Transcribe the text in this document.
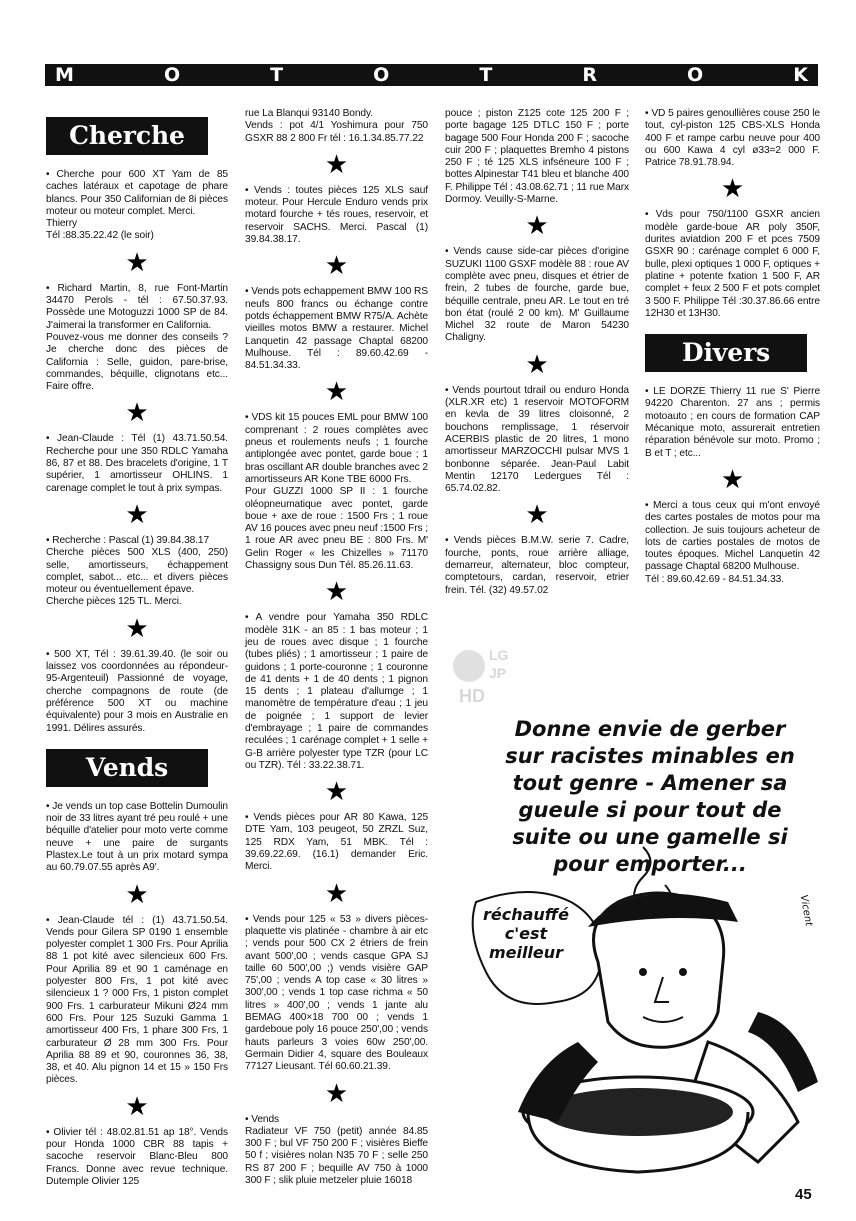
M	O	T	O	T	R	O	K
Cherche

• Cherche pour 600 XT Yam de 85 caches latéraux et capotage de phare blancs. Pour 350 Californian de 8i pièces moteur ou moteur complet. Merci.

Thierry

Tél :88.35.22.42 (le soir)

★

• Richard Martin, 8, rue Font-Martin 34470 Perols - tél : 67.50.37.93. Possède une Motoguzzi 1000 SP de 84. J'aimerai la transformer en California.

Pouvez-vous me donner des conseils ? Je cherche donc des pièces de California : Selle, guidon, pare-brise, commandes, béquille, clignotans etc... Faire offre.

★

• Jean-Claude : Tél (1) 43.71.50.54. Recherche pour une 350 RDLC Yamaha 86, 87 et 88. Des bracelets d'origine, 1 T supérier, 1 amortisseur OHLINS. 1 carenage complet le tout à prix sympas.

★

• Recherche : Pascal (1) 39.84.38.17

Cherche pièces 500 XLS (400, 250) selle, amortisseurs, échappement complet, sabot... etc... et divers pièces moteur ou éventuellement épave.

Cherche pièces 125 TL. Merci.

★

• 500 XT, Tél : 39.61.39.40. (le soir ou laissez vos coordonnées au répondeur-95-Argenteuil) Passionné de voyage, cherche compagnons de route (de préférence 500 XT ou machine équivalente) pour 3 mois en Australie en 1991. Délires assurés.

Vends

• Je vends un top case Bottelin Dumoulin noir de 33 litres ayant tré peu roulé + une béquille d'atelier pour moto verte comme neuve + une paire de surgants Plastex.Le tout à un prix motard sympa au 60.79.07.55 après A9'.

★

• Jean-Claude tél : (1) 43.71.50.54. Vends pour Gilera SP 0190 1 ensemble polyester complet 1 300 Frs. Pour Aprilia 88 1 pot kité avec silencieux 600 Frs. Pour Aprilia 89 et 90 1 caménage en polyester 800 Frs, 1 pot kité avec silencieux 1 ? 000 Frs, 1 piston complet 900 Frs. 1 carburateur Mikuni Ø24 mm 600 Frs. Pour 125 Suzuki Gamma 1 amortisseur 400 Frs, 1 phare 300 Frs, 1 carburateur Ø 28 mm 300 Frs. Pour Aprilia 88 89 et 90, couronnes 36, 38, 38, et 40. Alu pignon 14 et 15 » 150 Frs pièces.

★

• Olivier tél : 48.02.81.51 ap 18°. Vends pour Honda 1000 CBR 88 tapis + sacoche reservoir Blanc-Bleu 800 Francs. Donne avec revue technique. Dutemple Olivier 125

rue La Blanqui 93140 Bondy.

Vends : pot 4/1 Yoshimura pour 750 GSXR 88 2 800 Fr tél : 16.1.34.85.77.22

★

• Vends : toutes pièces 125 XLS sauf moteur. Pour Hercule Enduro vends prix motard fourche + tés roues, reservoir, et reservoir SACHS. Merci. Pascal (1) 39.84.38.17.

★

• Vends pots echappement BMW 100 RS neufs 800 francs ou échange contre potds échappement BMW R75/A. Achète vieilles motos BMW a restaurer. Michel Lanquetin 42 passage Chaptal 68200 Mulhouse. Tél : 89.60.42.69 - 84.51.34.33.

★

• VDS kit 15 pouces EML pour BMW 100 comprenant : 2 roues complètes avec pneus et roulements neufs ; 1 fourche antiplongée avec pontet, garde boue ; 1 bras oscillant AR double branches avec 2 amortisseurs AR Kone TBE 6000 Frs.

Pour GUZZI 1000 SP II : 1 fourche oléopneumatique avec pontet, garde boue + axe de roue : 1500 Frs ; 1 roue AV 16 pouces avec pneu neuf :1500 Frs ; 1 roue AR avec pneu BE : 800 Frs. M' Gelin Roger « les Chizelles » 71170 Chassigny sous Dun Tél. 85.26.11.63.

★

• A vendre pour Yamaha 350 RDLC modèle 31K - an 85 : 1 bas moteur ; 1 jeu de roues avec disque ; 1 fourche (tubes pliés) ; 1 amortisseur ; 1 paire de guidons ; 1 porte-couronne ; 1 couronne de 41 dents + 1 de 40 dents ; 1 pignon 15 dents ; 1 plateau d'allumge ; 1 manomètre de température d'eau ; 1 jeu de poignée ; 1 support de levier d'embrayage ; 1 paire de commandes reculées ; 1 carénage complet + 1 selle + G-B arrière polyester type TZR (pour LC ou TZR). Tél : 33.22.38.71.

★

• Vends pièces pour AR 80 Kawa, 125 DTE Yam, 103 peugeot, 50 ZRZL Suz, 125 RDX Yam, 51 MBK. Tél : 39.69.22.69. (16.1) demander Eric. Merci.

★

• Vends pour 125 « 53 » divers pièces-plaquette vis platinée - chambre à air etc ; vends pour 500 CX 2 étriers de frein avant 500',00 ; vends casque GPA SJ taille 60 500',00 ;) vends visière GAP 75',00 ; vends A top case « 30 litres » 300',00 ; vends 1 top case richma « 50 litres » 400',00 ; vends 1 jante alu BEMAG 400×18 700 00 ; vends 1 gardeboue poly 16 pouce 250',00 ; vends hauts parleurs 3 voies 60w 250',00. Germain Didier 4, square des Bouleaux 77127 Lieusant. Tél 60.60.21.39.

★

• Vends

Radiateur VF 750 (petit) année 84.85 300 F ; bul VF 750 200 F ; visières Bieffe 50 f ; visières nolan N35 70 F ; selle 250 RS 87 200 F ; bequille AV 750 à 1000 300 F ; slik pluie metzeler pluie 16018

pouce ; piston Z125 cote 125 200 F ; porte bagage 125 DTLC 150 F ; porte bagage 500 Four Honda 200 F ; sacoche cuir 200 F ; plaquettes Bremho 4 pistons 250 F ; té 125 XLS infséneure 100 F ; bottes Alpinestar T41 bleu et blanche 400 F. Philippe Tél : 43.08.62.71 ; 11 rue Marx Dormoy. Veuilly-S-Marne.

★

• Vends cause side-car pièces d'origine SUZUKI 1100 GSXF modèle 88 : roue AV complète avec pneu, disques et étrier de frein, 2 tubes de fourche, garde bue, béquille centrale, pneu AR. Le tout en tré bon état (roulé 2 00 km). M' Guillaume Michel 32 route de Maron 54230 Chaligny.

★

• Vends pourtout tdrail ou enduro Honda (XLR.XR etc) 1 reservoir MOTOFORM en kevla de 39 litres cloisonné, 2 bouchons remplissage, 1 réservoir ACERBIS plastic de 20 litres, 1 mono amortisseur MARZOCCHI pulsar MVS 1 bonbonne séparée. Jean-Paul Labit Mentin 12170 Ledergues Tél : 65.74.02.82.

★

• Vends pièces B.M.W. serie 7. Cadre, fourche, ponts, roue arrière alliage, demarreur, alternateur, bloc compteur, comptetours, cardan, reservoir, etrier frein. Tél. (32) 49.57.02

• VD 5 paires genoullières couse 250 le tout, cyl-piston 125 CBS-XLS Honda 400 F et rampe carbu neuve pour 400 ou 600 Kawa 4 cyl ø33=2 000 F. Patrice 78.91.78.94.

★

• Vds pour 750/1100 GSXR ancien modèle garde-boue AR poly 350F, durites aviatdion 200 F et pces 7509 GSXR 90 : carénage complet 6 000 F, bulle, plexi optiques 1 000 F, optiques + platine + potente fxation 1 500 F, AR complet + feux 2 500 F et pots complet 3 500 F. Philippe Tél :30.37.86.66 entre 12H30 et 13H30.

Divers

• LE DORZE Thierry 11 rue S' Pierre 94220 Charenton. 27 ans ; permis motoauto ; en cours de formation CAP Mécanique moto, assurerait entretien réparation bénévole sur moto. Promo ; B et T ; etc...

★

• Merci a tous ceux qui m'ont envoyé des cartes postales de motos pour ma collection. Je suis toujours acheteur de lots de carties postales de motos de toutes époques. Michel Lanquetin 42 passage Chaptal 68200 Mulhouse.

Tél : 89.60.42.69 - 84.51.34.33.

LG
JP
HD
Donne envie de gerber sur racistes minables en tout genre - Amener sa gueule si pour tout de suite ou une gamelle si pour emporter...
réchauffé c'est meilleur
Vicent
45
